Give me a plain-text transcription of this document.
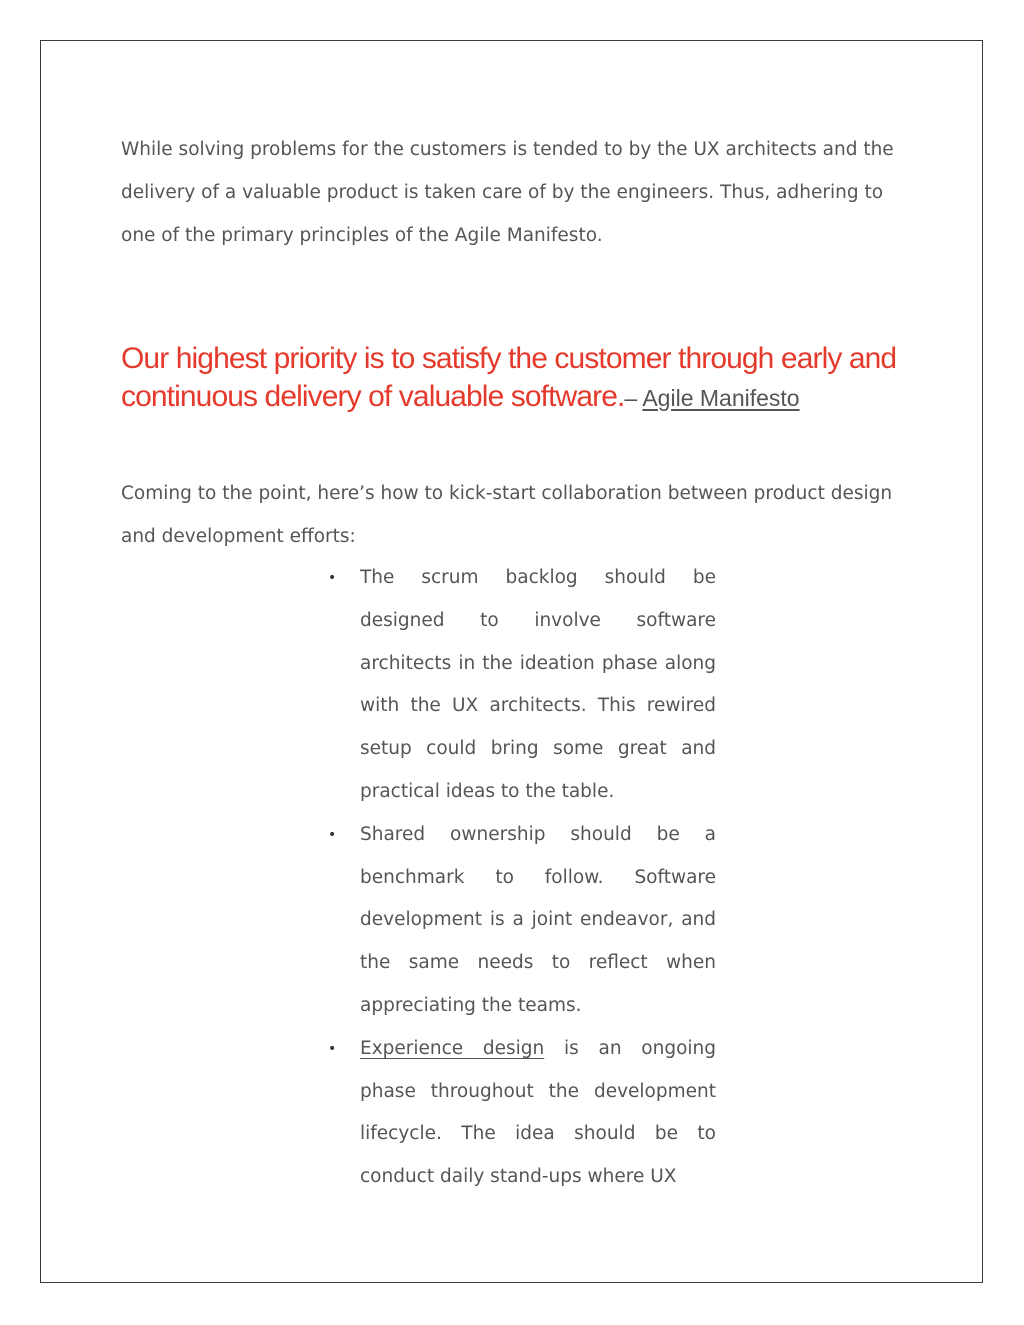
While solving problems for the customers is tended to by the UX architects and the delivery of a valuable product is taken care of by the engineers. Thus, adhering to one of the primary principles of the Agile Manifesto.

Our highest priority is to satisfy the customer through early and continuous delivery of valuable software.– Agile Manifesto

Coming to the point, here’s how to kick-start collaboration between product design and development efforts:

• The scrum backlog should be designed to involve software architects in the ideation phase along with the UX architects. This rewired setup could bring some great and practical ideas to the table.
• Shared ownership should be a benchmark to follow. Software development is a joint endeavor, and the same needs to reflect when appreciating the teams.
• Experience design is an ongoing phase throughout the development lifecycle. The idea should be to conduct daily stand-ups where UX
